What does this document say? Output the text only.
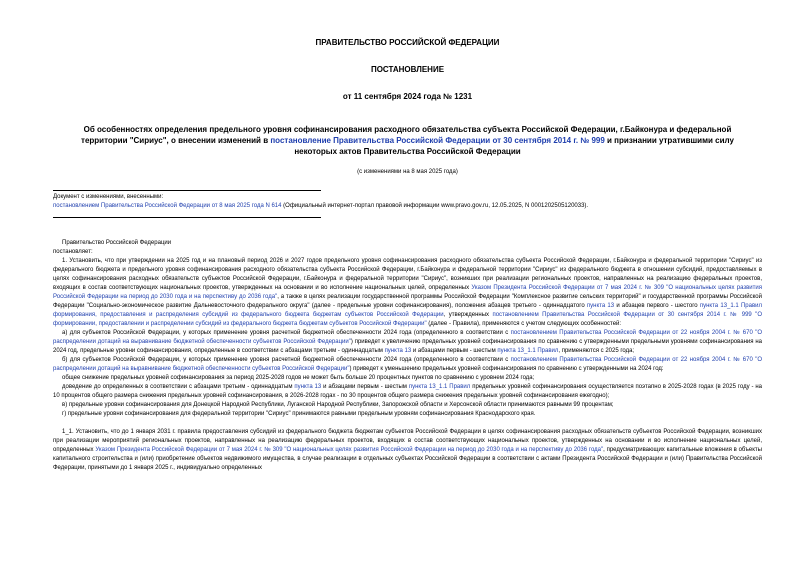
ПРАВИТЕЛЬСТВО РОССИЙСКОЙ ФЕДЕРАЦИИ
ПОСТАНОВЛЕНИЕ
от 11 сентября 2024 года № 1231
Об особенностях определения предельного уровня софинансирования расходного обязательства субъекта Российской Федерации, г.Байконура и федеральной территории "Сириус", о внесении изменений в постановление Правительства Российской Федерации от 30 сентября 2014 г. № 999 и признании утратившими силу некоторых актов Правительства Российской Федерации
(с изменениями на 8 мая 2025 года)
Документ с изменениями, внесенными:
постановлением Правительства Российской Федерации от 8 мая 2025 года N 614 (Официальный интернет-портал правовой информации www.pravo.gov.ru, 12.05.2025, N 0001202505120033).

Правительство Российской Федерации

постановляет:

1. Установить, что при утверждении на 2025 год и на плановый период 2026 и 2027 годов предельного уровня софинансирования расходного обязательства субъекта Российской Федерации, г.Байконура и федеральной территории "Сириус" из федерального бюджета и предельного уровня софинансирования расходного обязательства субъекта Российской Федерации, г.Байконура и федеральной территории "Сириус" из федерального бюджета в отношении субсидий, предоставляемых в целях софинансирования расходных обязательств субъектов Российской Федерации, г.Байконура и федеральной территории "Сириус", возникших при реализации региональных проектов, направленных на реализацию федеральных проектов, входящих в состав соответствующих национальных проектов, утвержденных на основании и во исполнение национальных целей, определенных Указом Президента Российской Федерации от 7 мая 2024 г. № 309 "О национальных целях развития Российской Федерации на период до 2030 года и на перспективу до 2036 года", а также в целях реализации государственной программы Российской Федерации "Комплексное развитие сельских территорий" и государственной программы Российской Федерации "Социально-экономическое развитие Дальневосточного федерального округа" (далее - предельные уровни софинансирования), положения абзацев третьего - одиннадцатого пункта 13 и абзацев первого - шестого пункта 13_1.1 Правил формирования, предоставления и распределения субсидий из федерального бюджета бюджетам субъектов Российской Федерации, утвержденных постановлением Правительства Российской Федерации от 30 сентября 2014 г. № 999 "О формировании, предоставлении и распределении субсидий из федерального бюджета бюджетам субъектов Российской Федерации" (далее - Правила), применяются с учетом следующих особенностей:

а) для субъектов Российской Федерации, у которых применение уровня расчетной бюджетной обеспеченности 2024 года (определенного в соответствии с постановлением Правительства Российской Федерации от 22 ноября 2004 г. № 670 "О распределении дотаций на выравнивание бюджетной обеспеченности субъектов Российской Федерации") приведет к увеличению предельных уровней софинансирования по сравнению с утвержденными предельными уровнями софинансирования на 2024 год, предельные уровни софинансирования, определенные в соответствии с абзацами третьим - одиннадцатым пункта 13 и абзацами первым - шестым пункта 13_1.1 Правил, применяются с 2025 года;

б) для субъектов Российской Федерации, у которых применение уровня расчетной бюджетной обеспеченности 2024 года (определенного в соответствии с постановлением Правительства Российской Федерации от 22 ноября 2004 г. № 670 "О распределении дотаций на выравнивание бюджетной обеспеченности субъектов Российской Федерации") приведет к уменьшению предельных уровней софинансирования по сравнению с утвержденными на 2024 год:

общее снижение предельных уровней софинансирования за период 2025-2028 годов не может быть больше 20 процентных пунктов по сравнению с уровнем 2024 года;

доведение до определенных в соответствии с абзацами третьим - одиннадцатым пункта 13 и абзацами первым - шестым пункта 13_1.1 Правил предельных уровней софинансирования осуществляется поэтапно в 2025-2028 годах (в 2025 году - на 10 процентов общего размера снижения предельных уровней софинансирования, в 2026-2028 годах - по 30 процентов общего размера снижения предельных уровней софинансирования ежегодно);

в) предельные уровни софинансирования для Донецкой Народной Республики, Луганской Народной Республики, Запорожской области и Херсонской области принимаются равными 99 процентам;

г) предельные уровни софинансирования для федеральной территории "Сириус" принимаются равными предельным уровням софинансирования Краснодарского края.

1_1. Установить, что до 1 января 2031 г. правила предоставления субсидий из федерального бюджета бюджетам субъектов Российской Федерации в целях софинансирования расходных обязательств субъектов Российской Федерации, возникших при реализации мероприятий региональных проектов, направленных на реализацию федеральных проектов, входящих в состав соответствующих национальных проектов, утвержденных на основании и во исполнение национальных целей, определенных Указом Президента Российской Федерации от 7 мая 2024 г. № 309 "О национальных целях развития Российской Федерации на период до 2030 года и на перспективу до 2036 года", предусматривающих капитальные вложения в объекты капитального строительства и (или) приобретение объектов недвижимого имущества, в случае реализации в отдельных субъектах Российской Федерации в соответствии с актами Президента Российской Федерации и (или) Правительства Российской Федерации, принятыми до 1 января 2025 г., индивидуально определенных
